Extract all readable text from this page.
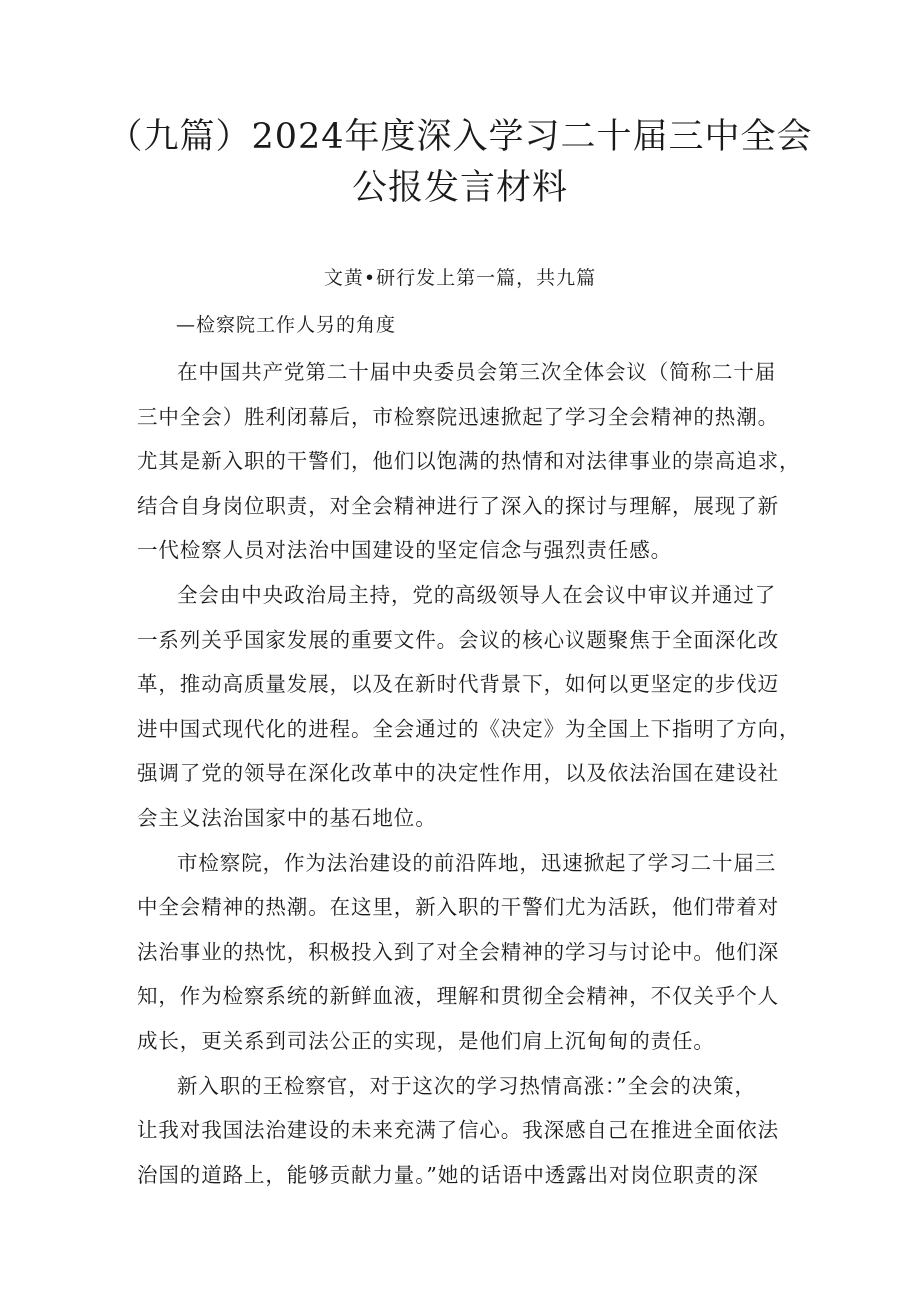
（九篇）2024年度深入学习二十届三中全会
公报发言材料
文黄•研行发上第一篇，共九篇
—检察院工作人另的角度
在中国共产党第二十届中央委员会第三次全体会议（简称二十届
三中全会）胜利闭幕后，市检察院迅速掀起了学习全会精神的热潮。
尤其是新入职的干警们，他们以饱满的热情和对法律事业的崇高追求，
结合自身岗位职责，对全会精神进行了深入的探讨与理解，展现了新
一代检察人员对法治中国建设的坚定信念与强烈责任感。
全会由中央政治局主持，党的高级领导人在会议中审议并通过了
一系列关乎国家发展的重要文件。会议的核心议题聚焦于全面深化改
革，推动高质量发展，以及在新时代背景下，如何以更坚定的步伐迈
进中国式现代化的进程。全会通过的《决定》为全国上下指明了方向，
强调了党的领导在深化改革中的决定性作用，以及依法治国在建设社
会主义法治国家中的基石地位。
市检察院，作为法治建设的前沿阵地，迅速掀起了学习二十届三
中全会精神的热潮。在这里，新入职的干警们尤为活跃，他们带着对
法治事业的热忱，积极投入到了对全会精神的学习与讨论中。他们深
知，作为检察系统的新鲜血液，理解和贯彻全会精神，不仅关乎个人
成长，更关系到司法公正的实现，是他们肩上沉甸甸的责任。
新入职的王检察官，对于这次的学习热情高涨：”全会的决策，
让我对我国法治建设的未来充满了信心。我深感自己在推进全面依法
治国的道路上，能够贡献力量。”她的话语中透露出对岗位职责的深
